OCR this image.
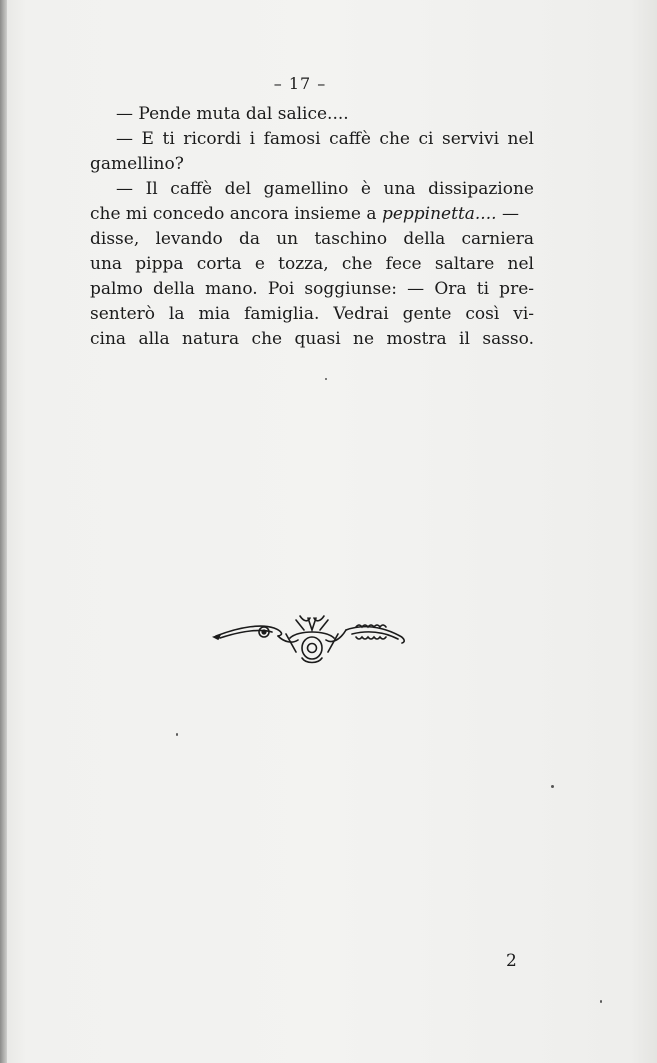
– 17 –
— Pende muta dal salice....
— E ti ricordi i famosi caffè che ci servivi nel
gamellino?
— Il caffè del gamellino è una dissipazione
che mi concedo ancora insieme a peppinetta.... —
disse, levando da un taschino della carniera
una pippa corta e tozza, che fece saltare nel
palmo della mano. Poi soggiunse: — Ora ti pre-
senterò la mia famiglia. Vedrai gente così vi-
cina alla natura che quasi ne mostra il sasso.
2
